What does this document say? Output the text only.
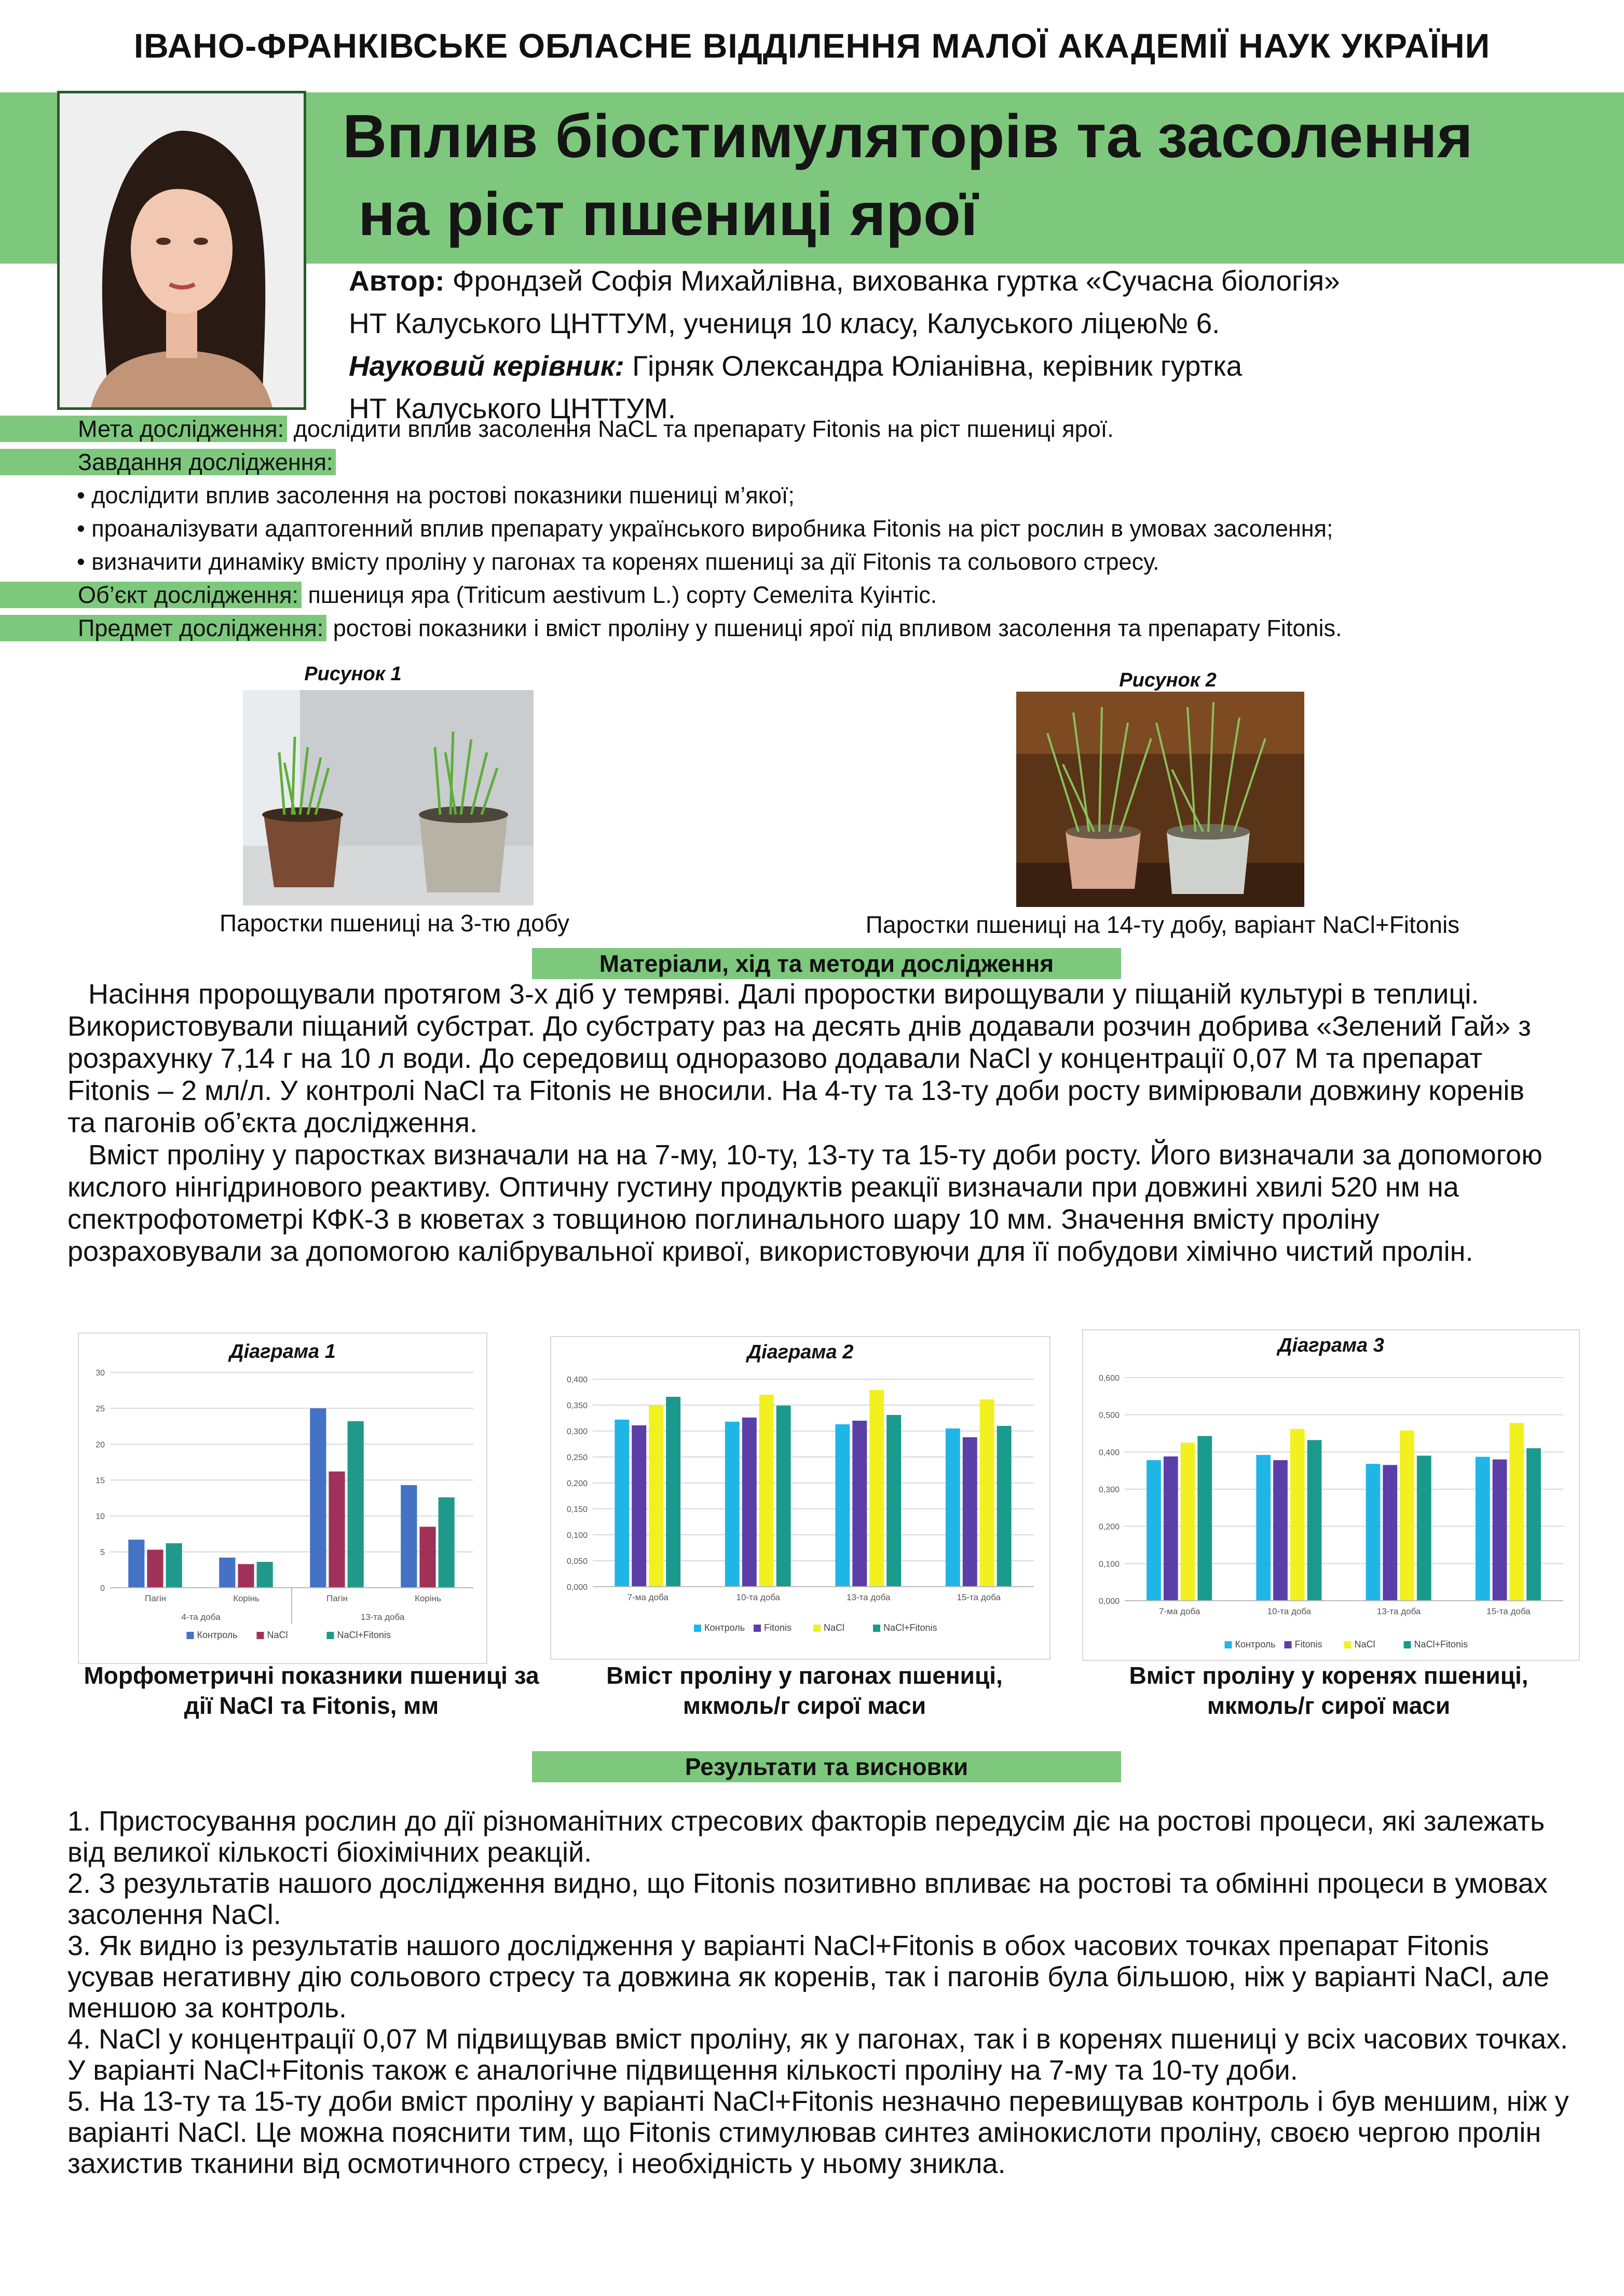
ІВАНО-ФРАНКІВСЬКЕ ОБЛАСНЕ ВІДДІЛЕННЯ МАЛОЇ АКАДЕМІЇ НАУК УКРАЇНИ
Вплив біостимуляторів та засолення
на ріст пшениці ярої
Автор: Фрондзей Софія Михайлівна, вихованка гуртка «Сучасна біологія»
НТ Калуського ЦНТТУМ, учениця 10 класу, Калуського ліцею№ 6.
Науковий керівник: Гірняк Олександра Юліанівна, керівник гуртка
НТ Калуського ЦНТТУМ.
Мета дослідження: дослідити вплив засолення NaCL та препарату Fitonis на ріст пшениці ярої.
Завдання дослідження:
• дослідити вплив засолення на ростові показники пшениці м’якої;
• проаналізувати адаптогенний вплив препарату українського виробника Fitonis на ріст рослин в умовах засолення;
• визначити динаміку вмісту проліну у пагонах та коренях пшениці за дії Fitonis та сольового стресу.
Об’єкт дослідження: пшениця яра (Triticum aestivum L.) сорту Семеліта Куінтіс.
Предмет дослідження: ростові показники і вміст проліну у пшениці ярої під впливом засолення та препарату Fitonis.
Рисунок 1
Паростки пшениці на 3-тю добу
Рисунок 2
Паростки пшениці на 14-ту добу, варіант NaCl+Fitonis
Матеріали, хід та методи дослідження

Насіння пророщували протягом 3-х діб у темряві. Далі проростки вирощували у піщаній культурі в теплиці. Використовували піщаний субстрат. До субстрату раз на десять днів додавали розчин добрива «Зелений Гай» з розрахунку 7,14 г на 10 л води. До середовищ одноразово додавали NaCl у концентрації 0,07 М та препарат Fitonis – 2 мл/л. У контролі NaCl та Fitonis не вносили. На 4-ту та 13-ту доби росту вимірювали довжину коренів та пагонів об’єкта дослідження.

Вміст проліну у паростках визначали на на 7-му, 10-ту, 13-ту та 15-ту доби росту. Його визначали за допомогою кислого нінгідринового реактиву. Оптичну густину продуктів реакції визначали при довжині хвилі 520 нм на спектрофотометрі КФК-3 в кюветах з товщиною поглинального шару 10 мм. Значення вмісту проліну розраховували за допомогою калібрувальної кривої, використовуючи для її побудови хімічно чистий пролін.

Діаграма 1
0
5
10
15
20
25
30
Пагін	Корінь	Пагін	Корінь
4-та доба	13-та доба
Контроль	NaCl	NaCl+Fitonis
Діаграма 2
0,000
0,050
0,100
0,150
0,200
0,250
0,300
0,350
0,400
7-ма доба	10-та доба	13-та доба	15-та доба
Контроль Fitonis	NaCl	NaCl+Fitonis
Діаграма 3
0,000
0,100
0,200
0,300
0,400
0,500
0,600
7-ма доба	10-та доба	13-та доба	15-та доба
Контроль Fitonis	NaCl	NaCl+Fitonis
Морфометричні показники пшениці за дії NaCl та Fitonis, мм
Вміст проліну у пагонах пшениці, мкмоль/г сирої маси
Вміст проліну у коренях пшениці, мкмоль/г сирої маси
Результати та висновки

1. Пристосування рослин до дії різноманітних стресових факторів передусім діє на ростові процеси, які залежать від великої кількості біохімічних реакцій.

2. З результатів нашого дослідження видно, що Fitonis позитивно впливає на ростові та обмінні процеси в умовах засолення NaCl.

3. Як видно із результатів нашого дослідження у варіанті NaCl+Fitonis в обох часових точках препарат Fitonis усував негативну дію сольового стресу та довжина як коренів, так і пагонів була більшою, ніж у варіанті NaCl, але меншою за контроль.

4. NaCl у концентрації 0,07 М підвищував вміст проліну, як у пагонах, так і в коренях пшениці у всіх часових точках. У варіанті NaCl+Fitonis також є аналогічне підвищення кількості проліну на 7-му та 10-ту доби.

5. На 13-ту та 15-ту доби вміст проліну у варіанті NaCl+Fitonis незначно перевищував контроль і був меншим, ніж у варіанті NaCl. Це можна пояснити тим, що Fitonis стимулював синтез амінокислоти проліну, своєю чергою пролін захистив тканини від осмотичного стресу, і необхідність у ньому зникла.
